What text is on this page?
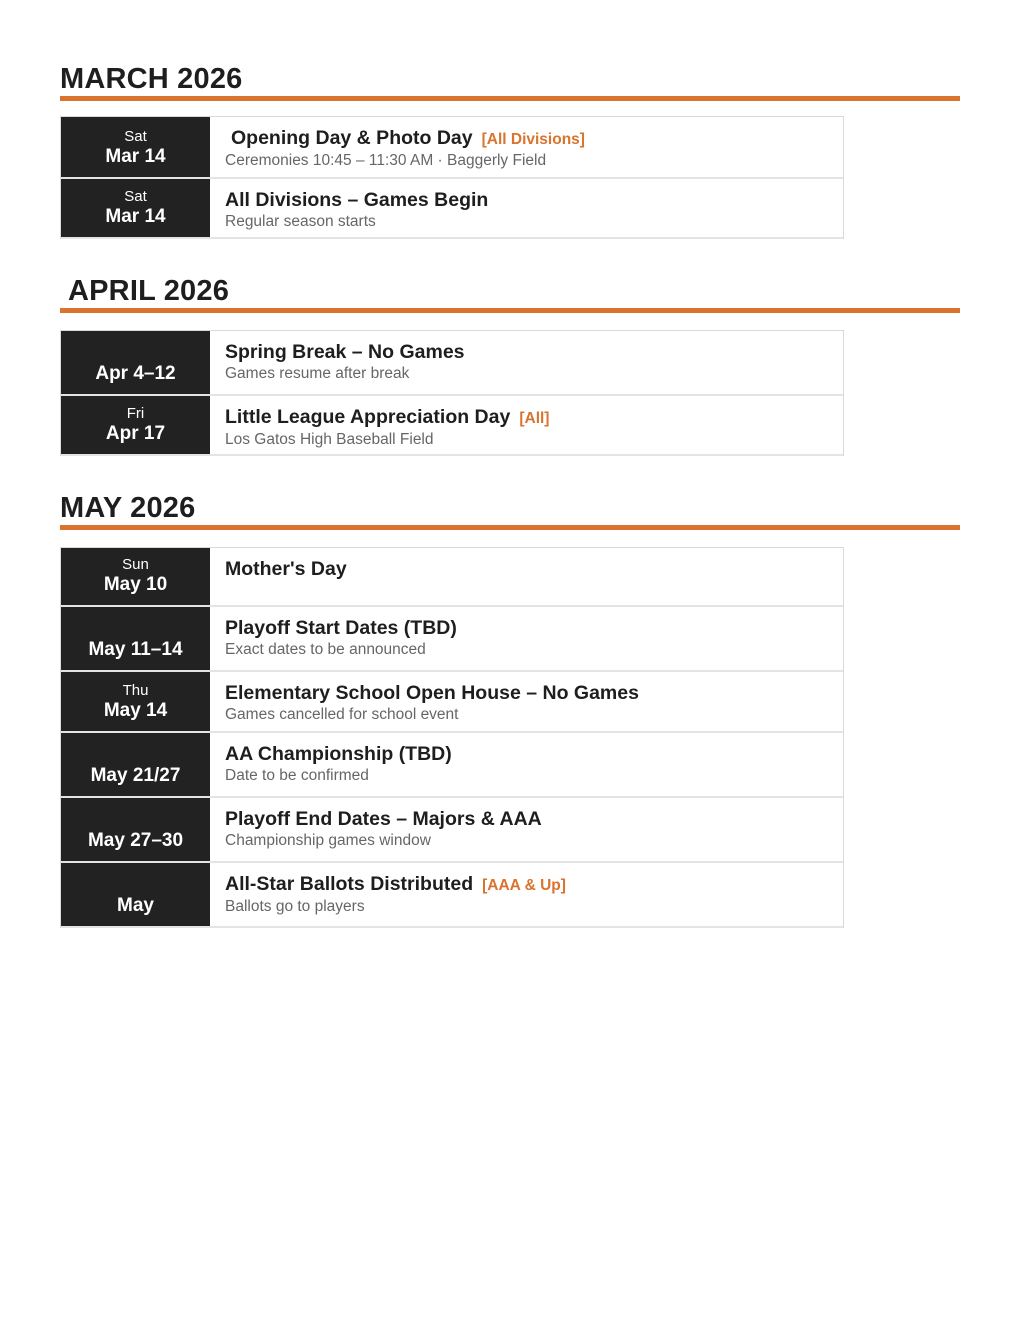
MARCH 2026
Sat
Mar 14
Opening Day & Photo Day [All Divisions]
Ceremonies 10:45 – 11:30 AM · Baggerly Field
Sat
Mar 14
All Divisions – Games Begin
Regular season starts
APRIL 2026
Apr 4–12
Spring Break – No Games
Games resume after break
Fri
Apr 17
Little League Appreciation Day [All]
Los Gatos High Baseball Field
MAY 2026
Sun
May 10
Mother's Day
May 11–14
Playoff Start Dates (TBD)
Exact dates to be announced
Thu
May 14
Elementary School Open House – No Games
Games cancelled for school event
May 21/27
AA Championship (TBD)
Date to be confirmed
May 27–30
Playoff End Dates – Majors & AAA
Championship games window
May
All-Star Ballots Distributed [AAA & Up]
Ballots go to players
